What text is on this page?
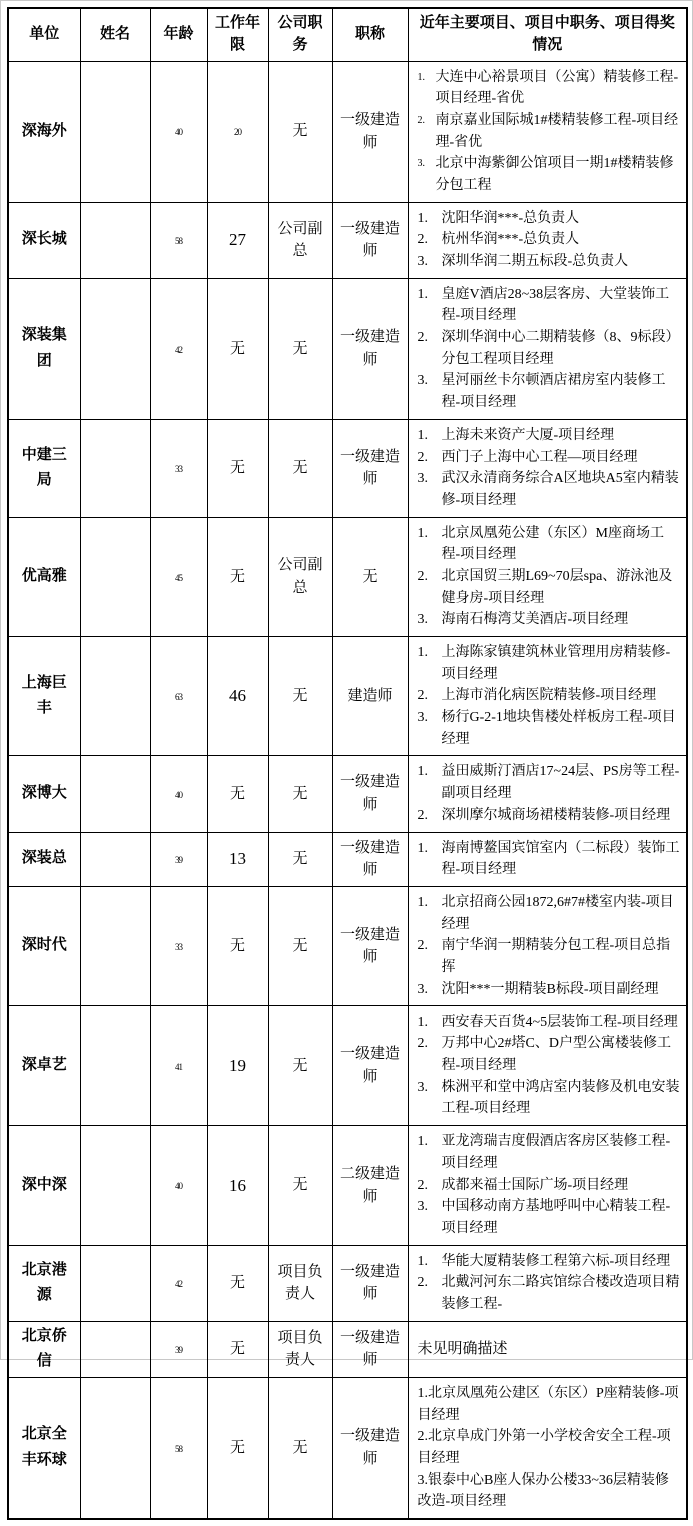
单位	姓名	年龄	工作年限	公司职务	职称	近年主要项目、项目中职务、项目得奖情况
深海外		40	20	无	一级建造师	
1. 大连中心裕景项目（公寓）精装修工程-项目经理-省优
2. 南京嘉业国际城1#楼精装修工程-项目经理-省优
3. 北京中海紫御公馆项目一期1#楼精装修分包工程

深长城		58	27	公司副总	一级建造师	
1. 沈阳华润***-总负责人
2. 杭州华润***-总负责人
3. 深圳华润二期五标段-总负责人

深装集团		42	无	无	一级建造师	
1. 皇庭V酒店28~38层客房、大堂装饰工程-项目经理
2. 深圳华润中心二期精装修（8、9标段）分包工程项目经理
3. 星河丽丝卡尔顿酒店裙房室内装修工程-项目经理

中建三局		33	无	无	一级建造师	
1. 上海未来资产大厦-项目经理
2. 西门子上海中心工程—项目经理
3. 武汉永清商务综合A区地块A5室内精装修-项目经理

优高雅		45	无	公司副总	无	
1. 北京凤凰苑公建（东区）M座商场工程-项目经理
2. 北京国贸三期L69~70层spa、游泳池及健身房-项目经理
3. 海南石梅湾艾美酒店-项目经理

上海巨丰		63	46	无	建造师	
1. 上海陈家镇建筑林业管理用房精装修-项目经理
2. 上海市消化病医院精装修-项目经理
3. 杨行G-2-1地块售楼处样板房工程-项目经理

深博大		40	无	无	一级建造师	1. 益田威斯汀酒店17~24层、PS房等工程-副项目经理
2. 深圳摩尔城商场裙楼精装修-项目经理

深装总		39	13	无	一级建造师	1. 海南博鳌国宾馆室内（二标段）装饰工程-项目经理

深时代		33	无	无	一级建造师	
1. 北京招商公园1872,6#7#楼室内装-项目经理
2. 南宁华润一期精装分包工程-项目总指挥
3. 沈阳***一期精装B标段-项目副经理

深卓艺		41	19	无	一级建造师	
1. 西安春天百货4~5层装饰工程-项目经理
2. 万邦中心2#塔C、D户型公寓楼装修工程-项目经理
3. 株洲平和堂中鸿店室内装修及机电安装工程-项目经理

深中深		40	16	无	二级建造师	
1. 亚龙湾瑞吉度假酒店客房区装修工程-项目经理
2. 成都来福士国际广场-项目经理
3. 中国移动南方基地呼叫中心精装工程-项目经理

北京港源		42	无	项目负责人	一级建造师	1. 华能大厦精装修工程第六标-项目经理
2. 北戴河河东二路宾馆综合楼改造项目精装修工程-

北京侨信		39	无	项目负责人	一级建造师	未见明确描述
北京全丰环球		58	无	无	一级建造师	1.北京凤凰苑公建区（东区）P座精装修-项目经理
2.北京阜成门外第一小学校舍安全工程-项目经理
3.银泰中心B座人保办公楼33~36层精装修改造-项目经理
